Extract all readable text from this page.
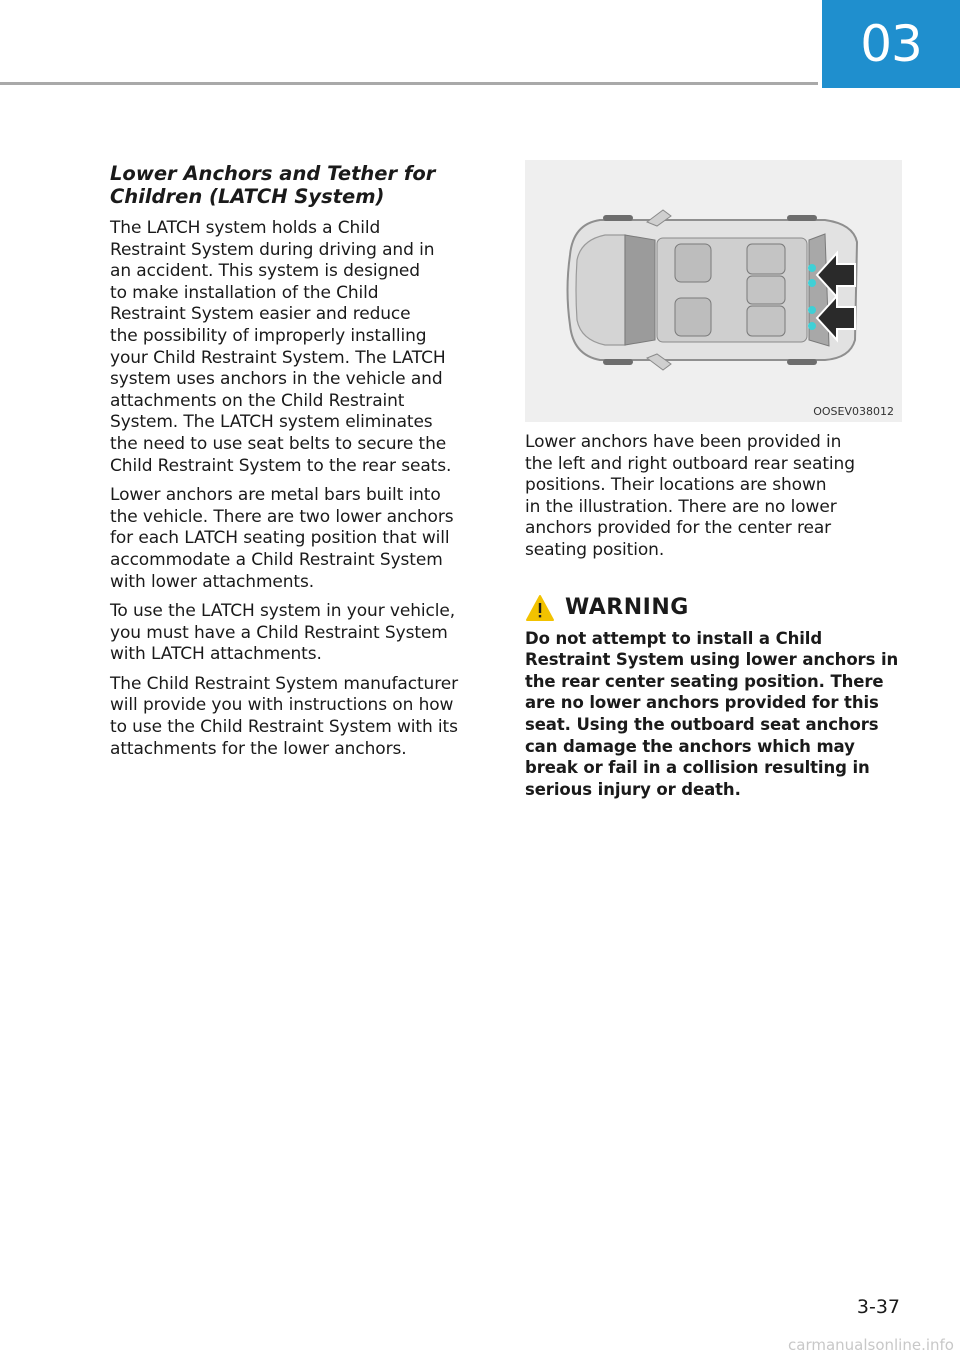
03
Lower Anchors and Tether for
Children (LATCH System)

The LATCH system holds a Child
Restraint System during driving and in
an accident. This system is designed
to make installation of the Child
Restraint System easier and reduce
the possibility of improperly installing
your Child Restraint System. The LATCH
system uses anchors in the vehicle and
attachments on the Child Restraint
System. The LATCH system eliminates
the need to use seat belts to secure the
Child Restraint System to the rear seats.

Lower anchors are metal bars built into
the vehicle. There are two lower anchors
for each LATCH seating position that will
accommodate a Child Restraint System
with lower attachments.

To use the LATCH system in your vehicle,
you must have a Child Restraint System
with LATCH attachments.

The Child Restraint System manufacturer
will provide you with instructions on how
to use the Child Restraint System with its
attachments for the lower anchors.

OOSEV038012

Lower anchors have been provided in
the left and right outboard rear seating
positions. Their locations are shown
in the illustration. There are no lower
anchors provided for the center rear
seating position.

WARNING

Do not attempt to install a Child
Restraint System using lower anchors in
the rear center seating position. There
are no lower anchors provided for this
seat. Using the outboard seat anchors
can damage the anchors which may
break or fail in a collision resulting in
serious injury or death.

3-37
carmanualsonline.info
